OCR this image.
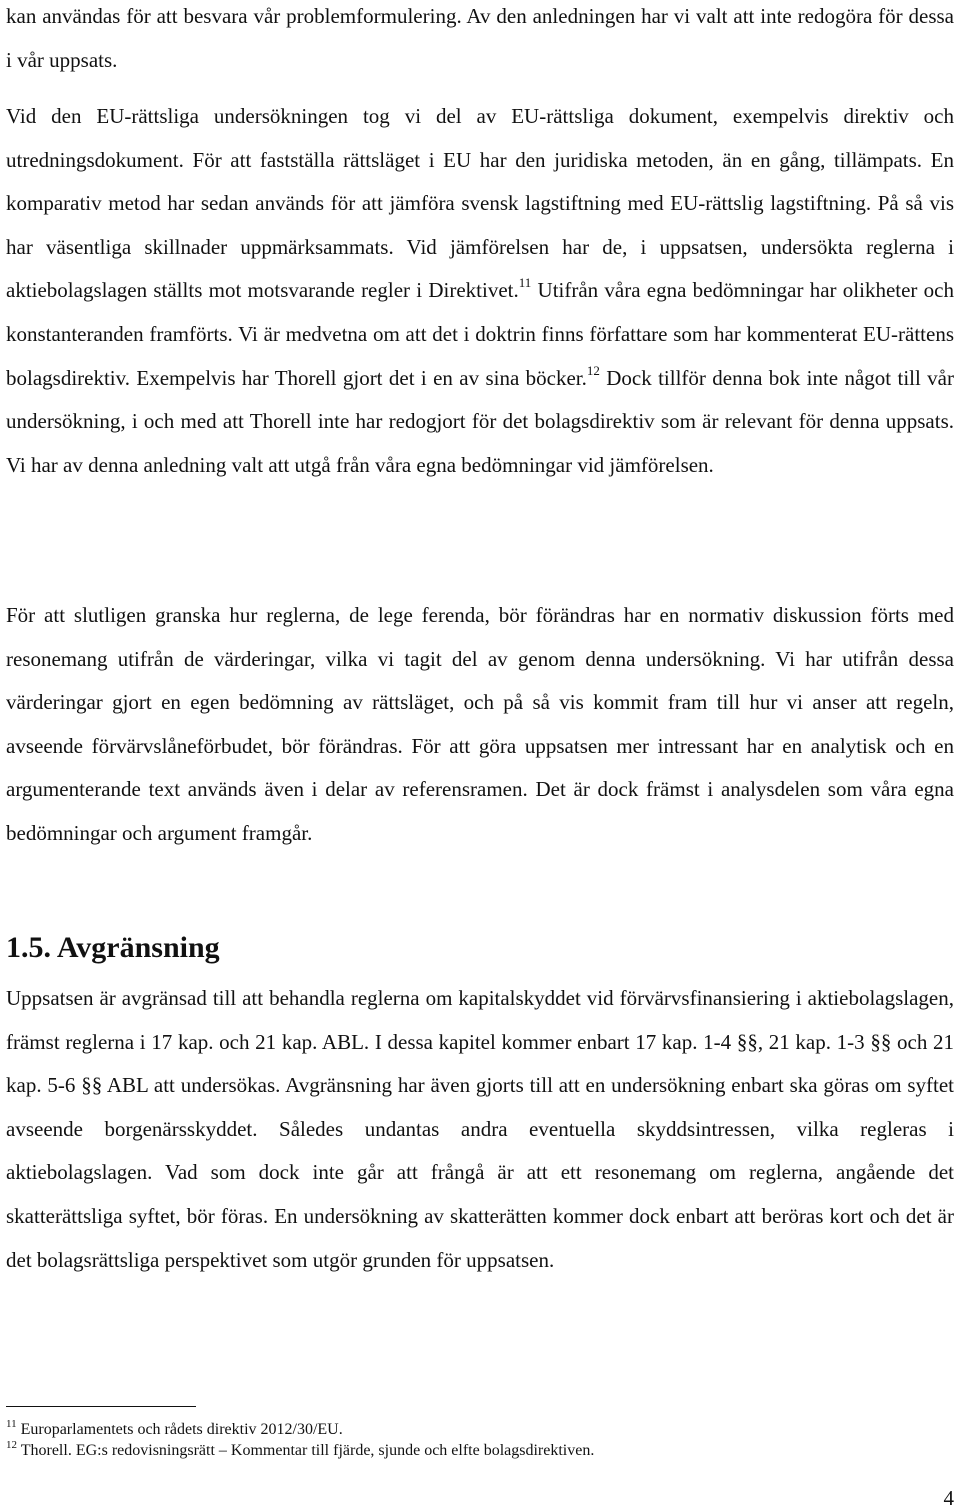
kan användas för att besvara vår problemformulering. Av den anledningen har vi valt att inte redogöra för dessa i vår uppsats.

Vid den EU-rättsliga undersökningen tog vi del av EU-rättsliga dokument, exempelvis direktiv och utredningsdokument. För att fastställa rättsläget i EU har den juridiska metoden, än en gång, tillämpats. En komparativ metod har sedan används för att jämföra svensk lagstiftning med EU-rättslig lagstiftning. På så vis har väsentliga skillnader uppmärksammats. Vid jämförelsen har de, i uppsatsen, undersökta reglerna i aktiebolagslagen ställts mot motsvarande regler i Direktivet.$^{11}$ Utifrån våra egna bedömningar har olikheter och konstanteranden framförts. Vi är medvetna om att det i doktrin finns författare som har kommenterat EU-rättens bolagsdirektiv. Exempelvis har Thorell gjort det i en av sina böcker.$^{12}$ Dock tillför denna bok inte något till vår undersökning, i och med att Thorell inte har redogjort för det bolagsdirektiv som är relevant för denna uppsats. Vi har av denna anledning valt att utgå från våra egna bedömningar vid jämförelsen.

För att slutligen granska hur reglerna, de lege ferenda, bör förändras har en normativ diskussion förts med resonemang utifrån de värderingar, vilka vi tagit del av genom denna undersökning. Vi har utifrån dessa värderingar gjort en egen bedömning av rättsläget, och på så vis kommit fram till hur vi anser att regeln, avseende förvärvslåneförbudet, bör förändras. För att göra uppsatsen mer intressant har en analytisk och en argumenterande text används även i delar av referensramen. Det är dock främst i analysdelen som våra egna bedömningar och argument framgår.

1.5. Avgränsning

Uppsatsen är avgränsad till att behandla reglerna om kapitalskyddet vid förvärvsfinansiering i aktiebolagslagen, främst reglerna i 17 kap. och 21 kap. ABL. I dessa kapitel kommer enbart 17 kap. 1-4 §§, 21 kap. 1-3 §§ och 21 kap. 5-6 §§ ABL att undersökas. Avgränsning har även gjorts till att en undersökning enbart ska göras om syftet avseende borgenärsskyddet. Således undantas andra eventuella skyddsintressen, vilka regleras i aktiebolagslagen. Vad som dock inte går att frångå är att ett resonemang om reglerna, angående det skatterättsliga syftet, bör föras. En undersökning av skatterätten kommer dock enbart att beröras kort och det är det bolagsrättsliga perspektivet som utgör grunden för uppsatsen.

$^{11}$ Europarlamentets och rådets direktiv 2012/30/EU.

$^{12}$ Thorell. EG:s redovisningsrätt – Kommentar till fjärde, sjunde och elfte bolagsdirektiven.

4
